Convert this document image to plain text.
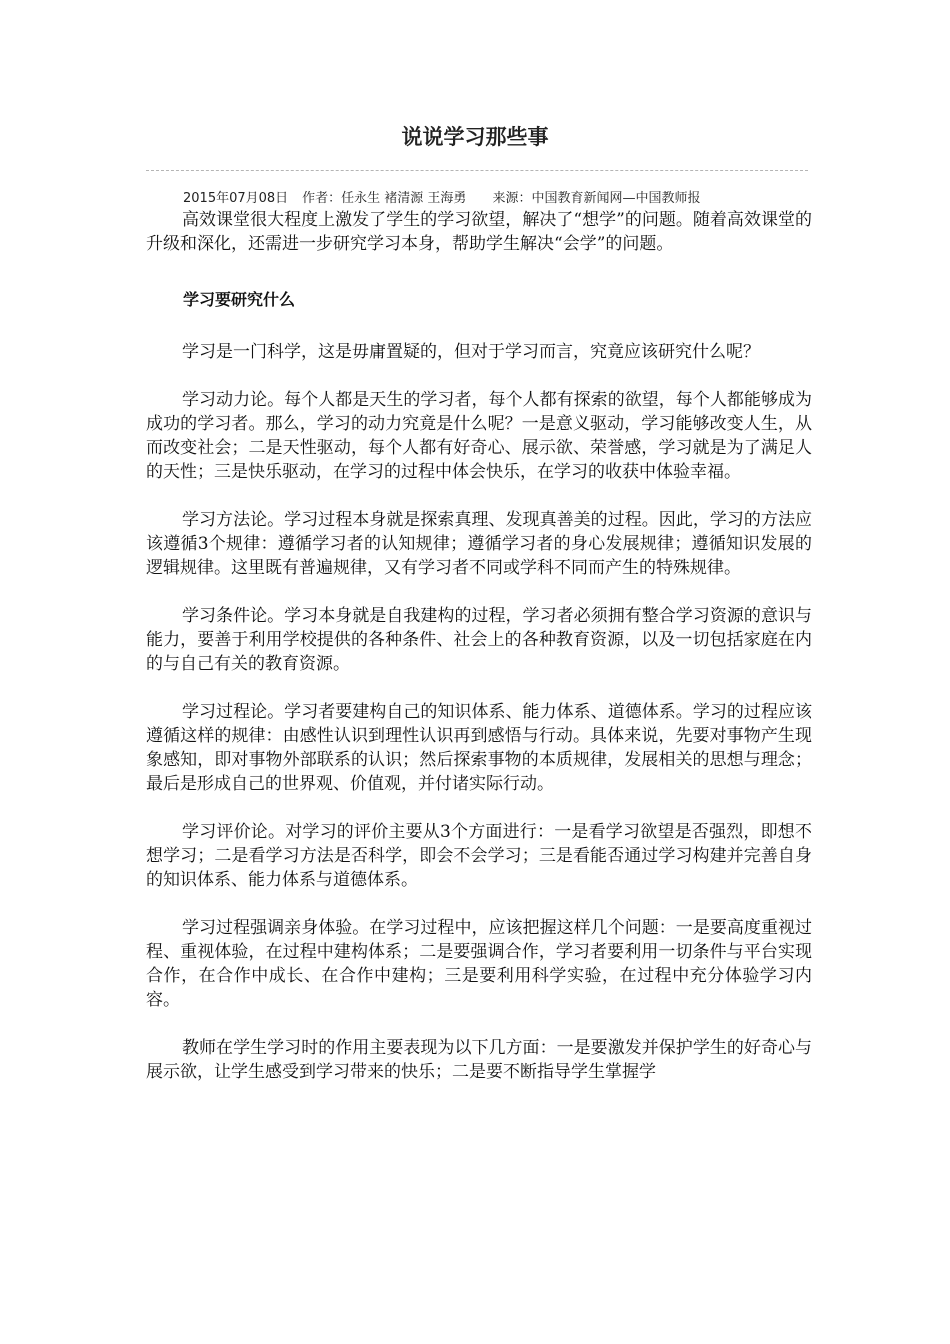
说说学习那些事
2015年07月08日 作者：任永生 褚清源 王海勇 来源：中国教育新闻网—中国教师报

高效课堂很大程度上激发了学生的学习欲望，解决了“想学”的问题。随着高效课堂的升级和深化，还需进一步研究学习本身，帮助学生解决“会学”的问题。

学习要研究什么

学习是一门科学，这是毋庸置疑的，但对于学习而言，究竟应该研究什么呢？

学习动力论。每个人都是天生的学习者，每个人都有探索的欲望，每个人都能够成为成功的学习者。那么，学习的动力究竟是什么呢？一是意义驱动，学习能够改变人生，从而改变社会；二是天性驱动，每个人都有好奇心、展示欲、荣誉感，学习就是为了满足人的天性；三是快乐驱动，在学习的过程中体会快乐，在学习的收获中体验幸福。

学习方法论。学习过程本身就是探索真理、发现真善美的过程。因此，学习的方法应该遵循3个规律：遵循学习者的认知规律；遵循学习者的身心发展规律；遵循知识发展的逻辑规律。这里既有普遍规律，又有学习者不同或学科不同而产生的特殊规律。

学习条件论。学习本身就是自我建构的过程，学习者必须拥有整合学习资源的意识与能力，要善于利用学校提供的各种条件、社会上的各种教育资源，以及一切包括家庭在内的与自己有关的教育资源。

学习过程论。学习者要建构自己的知识体系、能力体系、道德体系。学习的过程应该遵循这样的规律：由感性认识到理性认识再到感悟与行动。具体来说，先要对事物产生现象感知，即对事物外部联系的认识；然后探索事物的本质规律，发展相关的思想与理念；最后是形成自己的世界观、价值观，并付诸实际行动。

学习评价论。对学习的评价主要从3个方面进行：一是看学习欲望是否强烈，即想不想学习；二是看学习方法是否科学，即会不会学习；三是看能否通过学习构建并完善自身的知识体系、能力体系与道德体系。

学习过程强调亲身体验。在学习过程中，应该把握这样几个问题：一是要高度重视过程、重视体验，在过程中建构体系；二是要强调合作，学习者要利用一切条件与平台实现合作，在合作中成长、在合作中建构；三是要利用科学实验，在过程中充分体验学习内容。

教师在学生学习时的作用主要表现为以下几方面：一是要激发并保护学生的好奇心与展示欲，让学生感受到学习带来的快乐；二是要不断指导学生掌握学
